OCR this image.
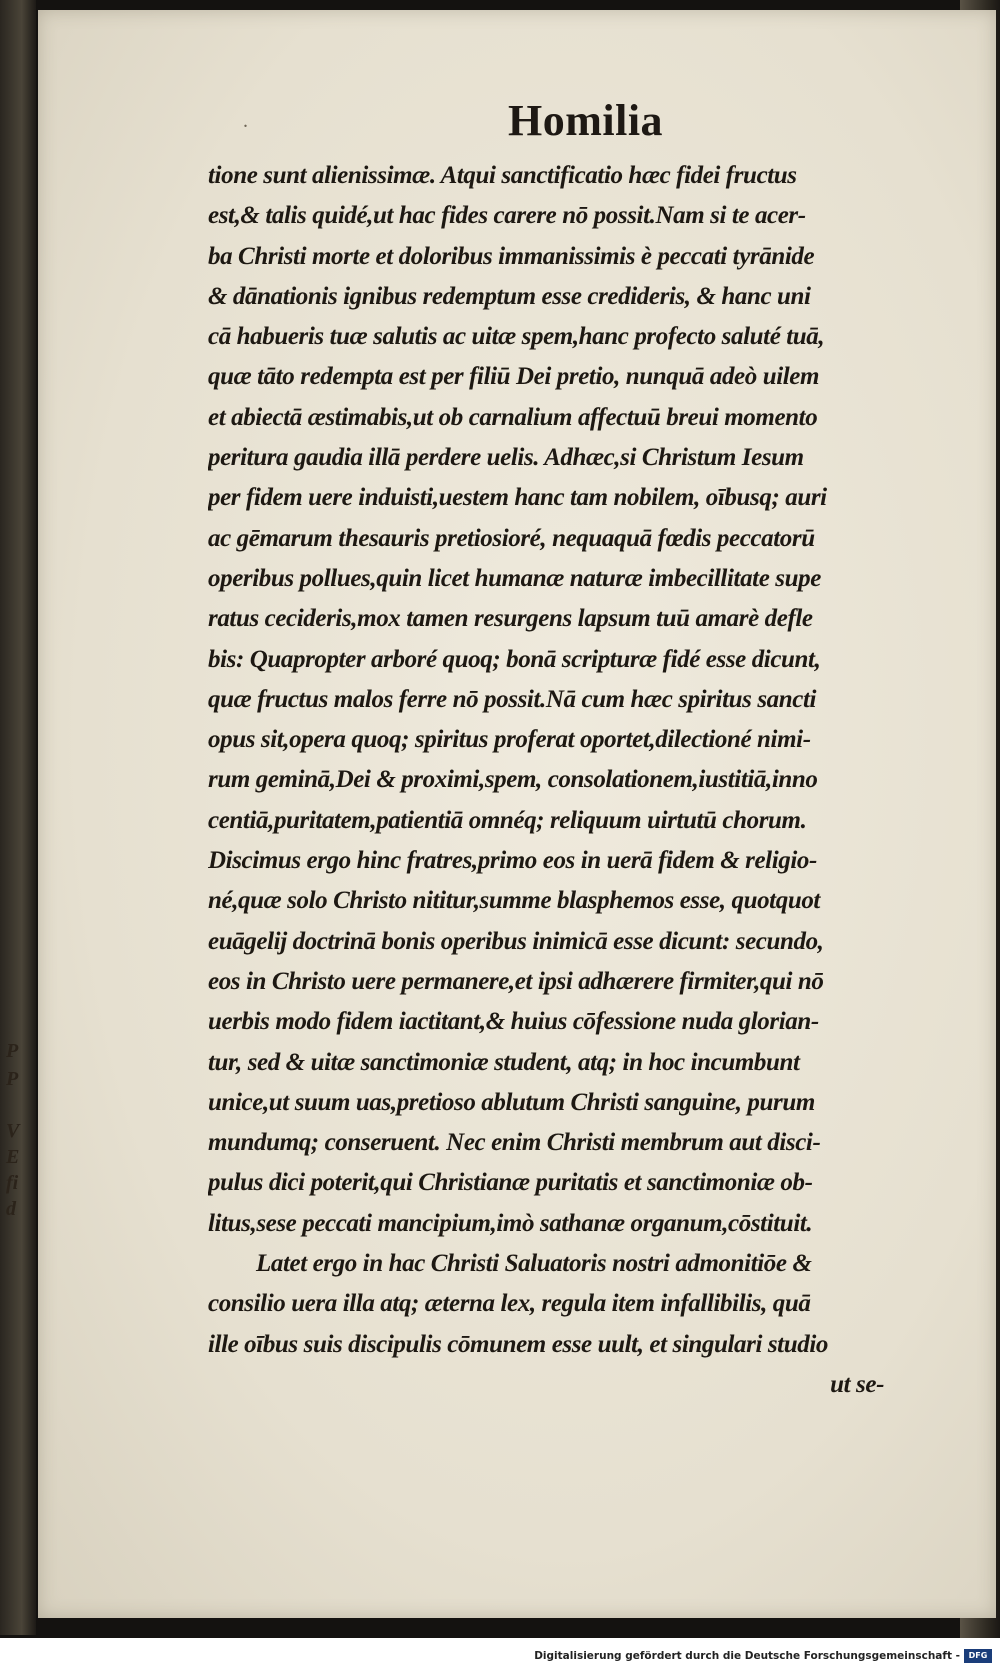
P
P
V
E
fi
d
.	Homilia
tione sunt alienissimæ. Atqui sanctificatio hæc fidei fructus
est,& talis quidé,ut hac fides carere nō possit.Nam si te acer-
ba Christi morte et doloribus immanissimis è peccati tyrānide
& dānationis ignibus redemptum esse credideris, & hanc uni
cā habueris tuæ salutis ac uitæ spem,hanc profecto saluté tuā,
quæ tāto redempta est per filiū Dei pretio, nunquā adeò uilem
et abiectā æstimabis,ut ob carnalium affectuū breui momento
peritura gaudia illā perdere uelis. Adhæc,si Christum Iesum
per fidem uere induisti,uestem hanc tam nobilem, oībusq; auri
ac gēmarum thesauris pretiosioré, nequaquā fœdis peccatorū
operibus pollues,quin licet humanæ naturæ imbecillitate supe
ratus cecideris,mox tamen resurgens lapsum tuū amarè defle
bis: Quapropter arboré quoq; bonā scripturæ fidé esse dicunt,
quæ fructus malos ferre nō possit.Nā cum hæc spiritus sancti
opus sit,opera quoq; spiritus proferat oportet,dilectioné nimi-
rum geminā,Dei & proximi,spem, consolationem,iustitiā,inno
centiā,puritatem,patientiā omnéq; reliquum uirtutū chorum.
Discimus ergo hinc fratres,primo eos in uerā fidem & religio-
né,quæ solo Christo nititur,summe blasphemos esse, quotquot
euāgelij doctrinā bonis operibus inimicā esse dicunt: secundo,
eos in Christo uere permanere,et ipsi adhærere firmiter,qui nō
uerbis modo fidem iactitant,& huius cōfessione nuda glorian-
tur, sed & uitæ sanctimoniæ student, atq; in hoc incumbunt
unice,ut suum uas,pretioso ablutum Christi sanguine, purum
mundumq; conseruent. Nec enim Christi membrum aut disci-
pulus dici poterit,qui Christianæ puritatis et sanctimoniæ ob-
litus,sese peccati mancipium,imò sathanæ organum,cōstituit.
Latet ergo in hac Christi Saluatoris nostri admonitiōe &
consilio uera illa atq; æterna lex, regula item infallibilis, quā
ille oībus suis discipulis cōmunem esse uult, et singulari studio
ut se-
Digitalisierung gefördert durch die Deutsche Forschungsgemeinschaft -	DFG
